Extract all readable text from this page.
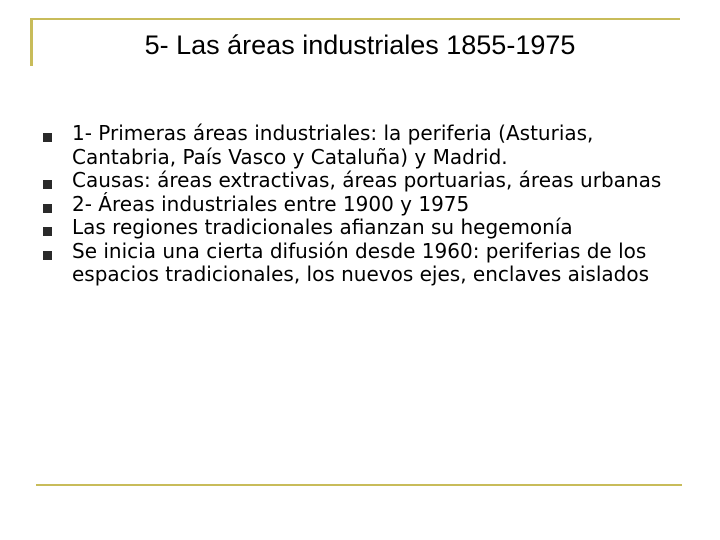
5- Las áreas industriales 1855-1975
1- Primeras áreas industriales: la periferia (Asturias, Cantabria, País Vasco y Cataluña) y Madrid.
Causas: áreas extractivas, áreas portuarias, áreas urbanas
2- Áreas industriales entre 1900 y 1975
Las regiones tradicionales afianzan su hegemonía
Se inicia una cierta difusión desde 1960: periferias de los espacios tradicionales, los nuevos ejes, enclaves aislados
